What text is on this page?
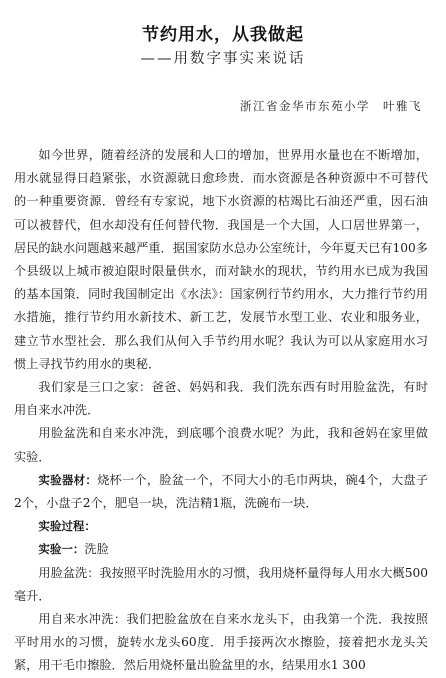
节约用水，从我做起
——用数字事实来说话
浙江省金华市东苑小学　叶雅飞

如今世界，随着经济的发展和人口的增加，世界用水量也在不断增加，用水就显得日趋紧张，水资源就日愈珍贵．而水资源是各种资源中不可替代的一种重要资源．曾经有专家说，地下水资源的枯竭比石油还严重，因石油可以被替代，但水却没有任何替代物．我国是一个大国，人口居世界第一，居民的缺水问题越来越严重．据国家防水总办公室统计，今年夏天已有100多个县级以上城市被迫限时限量供水，而对缺水的现状，节约用水已成为我国的基本国策．同时我国制定出《水法》：国家例行节约用水，大力推行节约用水措施，推行节约用水新技术、新工艺，发展节水型工业、农业和服务业，建立节水型社会．那么我们从何入手节约用水呢？我认为可以从家庭用水习惯上寻找节约用水的奥秘．

我们家是三口之家：爸爸、妈妈和我．我们洗东西有时用脸盆洗，有时用自来水冲洗．

用脸盆洗和自来水冲洗，到底哪个浪费水呢？为此，我和爸妈在家里做实验．

实验器材：烧杯一个，脸盆一个，不同大小的毛巾两块，碗4个，大盘子2个，小盘子2个，肥皂一块，洗洁精1瓶，洗碗布一块．

实验过程：

实验一：洗脸

用脸盆洗：我按照平时洗脸用水的习惯，我用烧杯量得每人用水大概500毫升．

用自来水冲洗：我们把脸盆放在自来水龙头下，由我第一个洗．我按照平时用水的习惯，旋转水龙头60度．用手接两次水擦脸，接着把水龙头关紧，用干毛巾擦脸．然后用烧杯量出脸盆里的水，结果用水1 300
